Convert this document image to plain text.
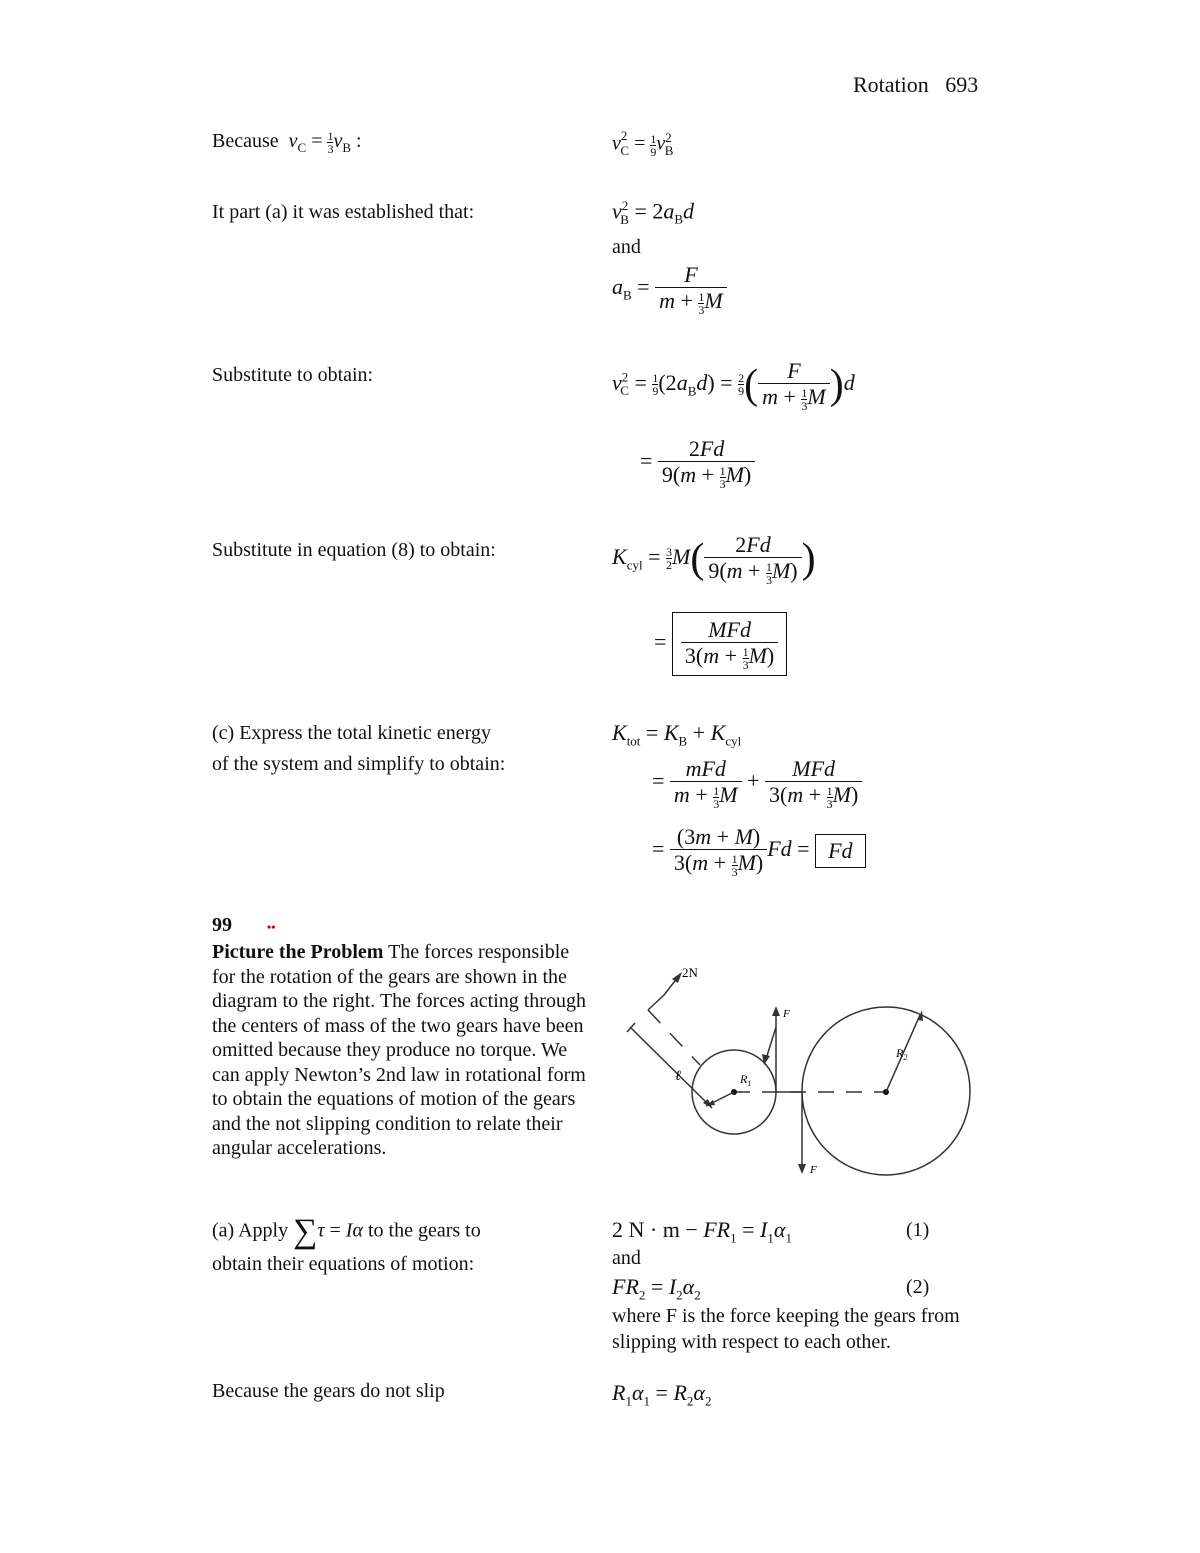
Rotation 693
Because  $v_C = \frac{1}{3} v_B$ :	$v^2_C = \frac{1}{9} v^2_B$
It part (a) it was established that:	$v^2_B = 2a_Bd$
and
$a_B = \frac{F}{m + \frac{1}{3} M}$
Substitute to obtain:	$v^2_C = \frac{1}{9} (2a_Bd) = \frac{2}{9}$ ( $\frac{F}{m + \frac{1}{3} M} )d$
= $\frac{2Fd}{9(m + \frac{1}{3} M)}$
Substitute in equation (8) to obtain:	$K_{cyl} = \frac{3}{2} M( \frac{2Fd}{9(m + \frac{1}{3} M)}$ )
= $\frac{\text{MFd}}{3(m + \frac{1}{3} M)}$
(c) Express the total kinetic energy
of the system and simplify to obtain:
$K_{tot} = K_B + K_{cyl}$
= $\frac{\text{mFd}}{m + \frac{1}{3} M} + \frac{\text{MFd}}{3(m + \frac{1}{3} M)}$
= $\frac{(3m + M)}{3(m + \frac{1}{3} M)}$ Fd = Fd
99	••
Picture the Problem The forces responsible for the rotation of the gears are shown in the diagram to the right. The forces acting through the centers of mass of the two gears have been omitted because they produce no torque. We can apply Newton’s 2nd law in rotational form to obtain the equations of motion of the gears and the not slipping condition to relate their angular accelerations.
$R_1$
$R_2$
ℓ
2N
F
F
(a) Apply ∑τ = Iα to the gears to
obtain their equations of motion:
2 $N \cdot m - FR_1 = I_1\alpha_1$	(1)
and
$FR_2 = I_2\alpha_2$	(2)
where F is the force keeping the gears from
slipping with respect to each other.
Because the gears do not slip	$R_1\alpha_1 = R_2\alpha_2$
